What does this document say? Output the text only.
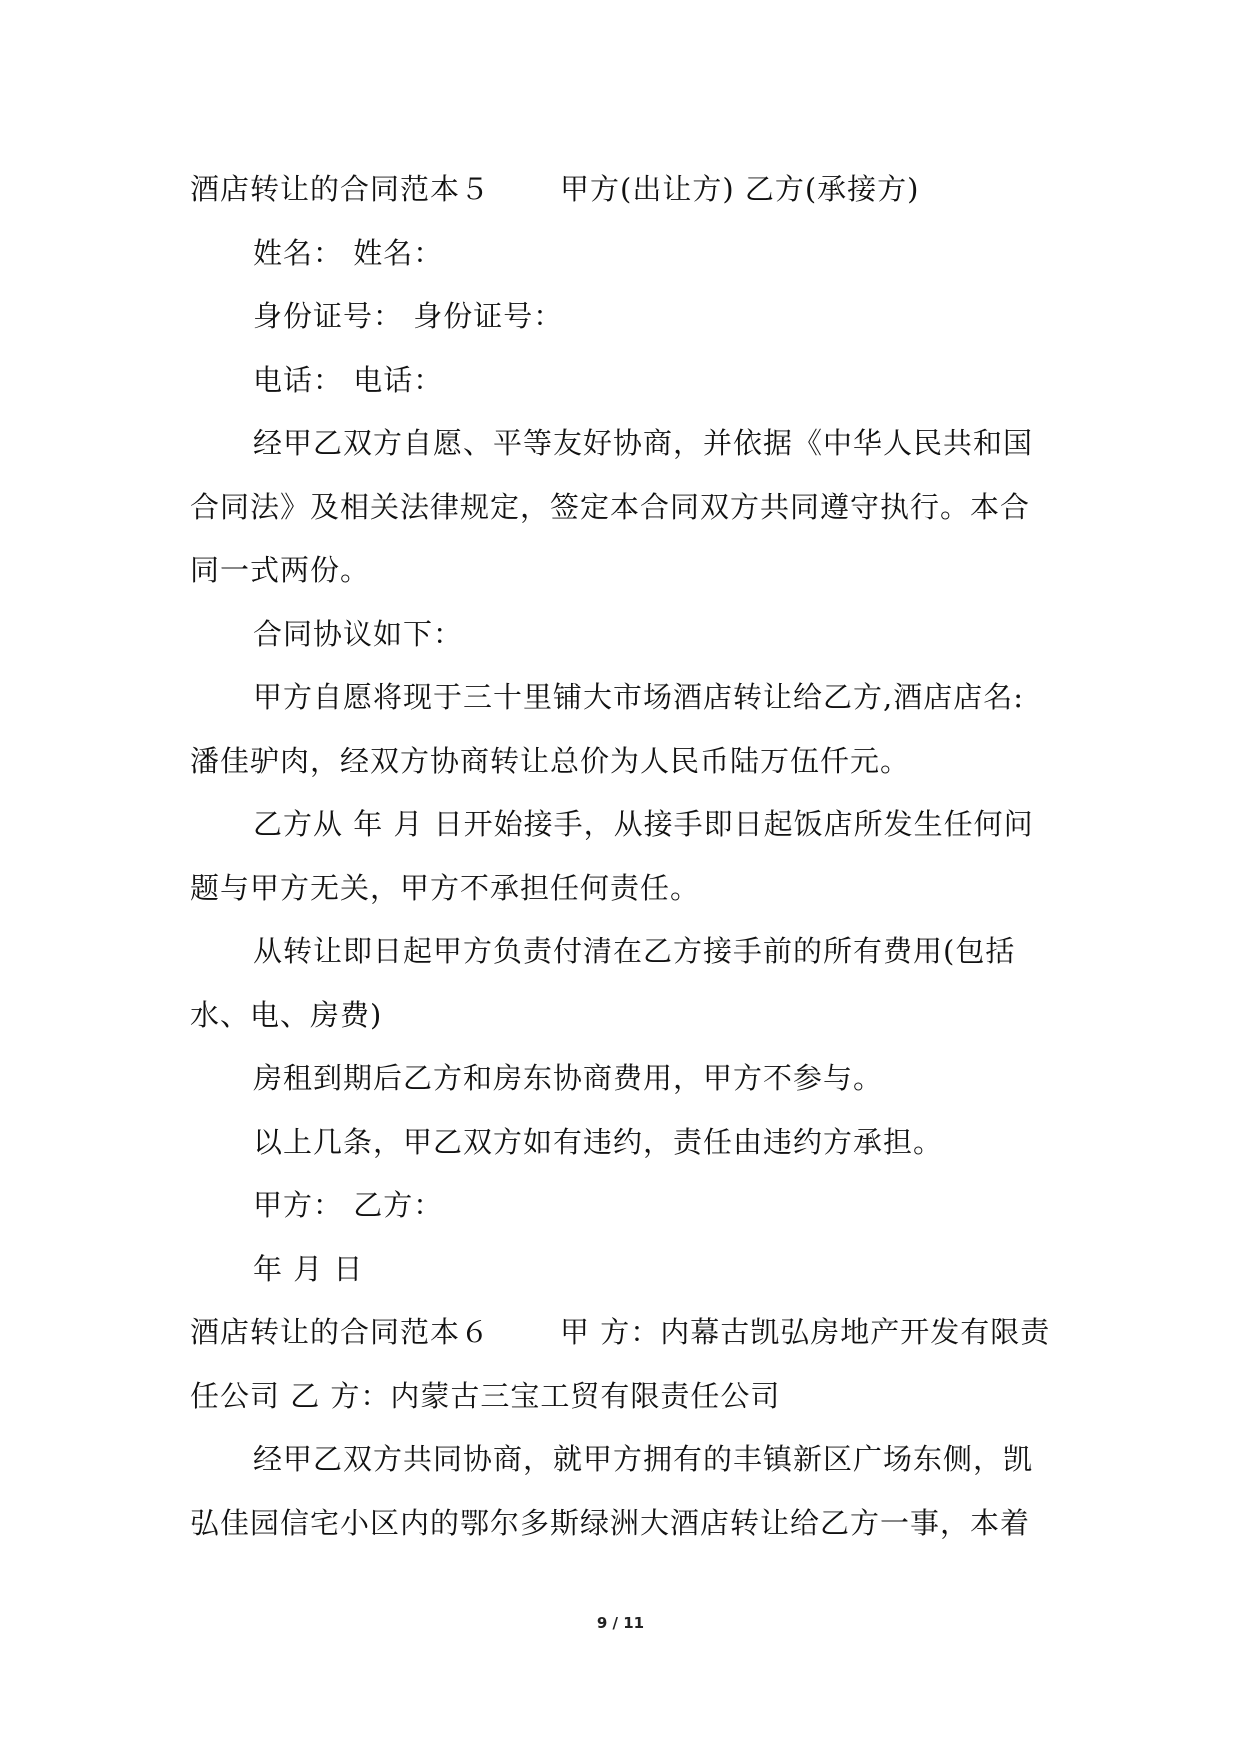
酒店转让的合同范本５ 甲方(出让方) 乙方(承接方)
姓名： 姓名：
身份证号： 身份证号：
电话： 电话：
经甲乙双方自愿、平等友好协商，并依据《中华人民共和国
合同法》及相关法律规定，签定本合同双方共同遵守执行。本合
同一式两份。
合同协议如下：
甲方自愿将现于三十里铺大市场酒店转让给乙方,酒店店名:
潘佳驴肉，经双方协商转让总价为人民币陆万伍仟元。
乙方从 年 月 日开始接手，从接手即日起饭店所发生任何问
题与甲方无关，甲方不承担任何责任。
从转让即日起甲方负责付清在乙方接手前的所有费用(包括
水、电、房费)
房租到期后乙方和房东协商费用，甲方不参与。
以上几条，甲乙双方如有违约，责任由违约方承担。
甲方： 乙方：
年 月 日
酒店转让的合同范本６ 甲 方：内幕古凯弘房地产开发有限责
任公司 乙 方：内蒙古三宝工贸有限责任公司
经甲乙双方共同协商，就甲方拥有的丰镇新区广场东侧，凯
弘佳园信宅小区内的鄂尔多斯绿洲大酒店转让给乙方一事，本着
9 / 11
